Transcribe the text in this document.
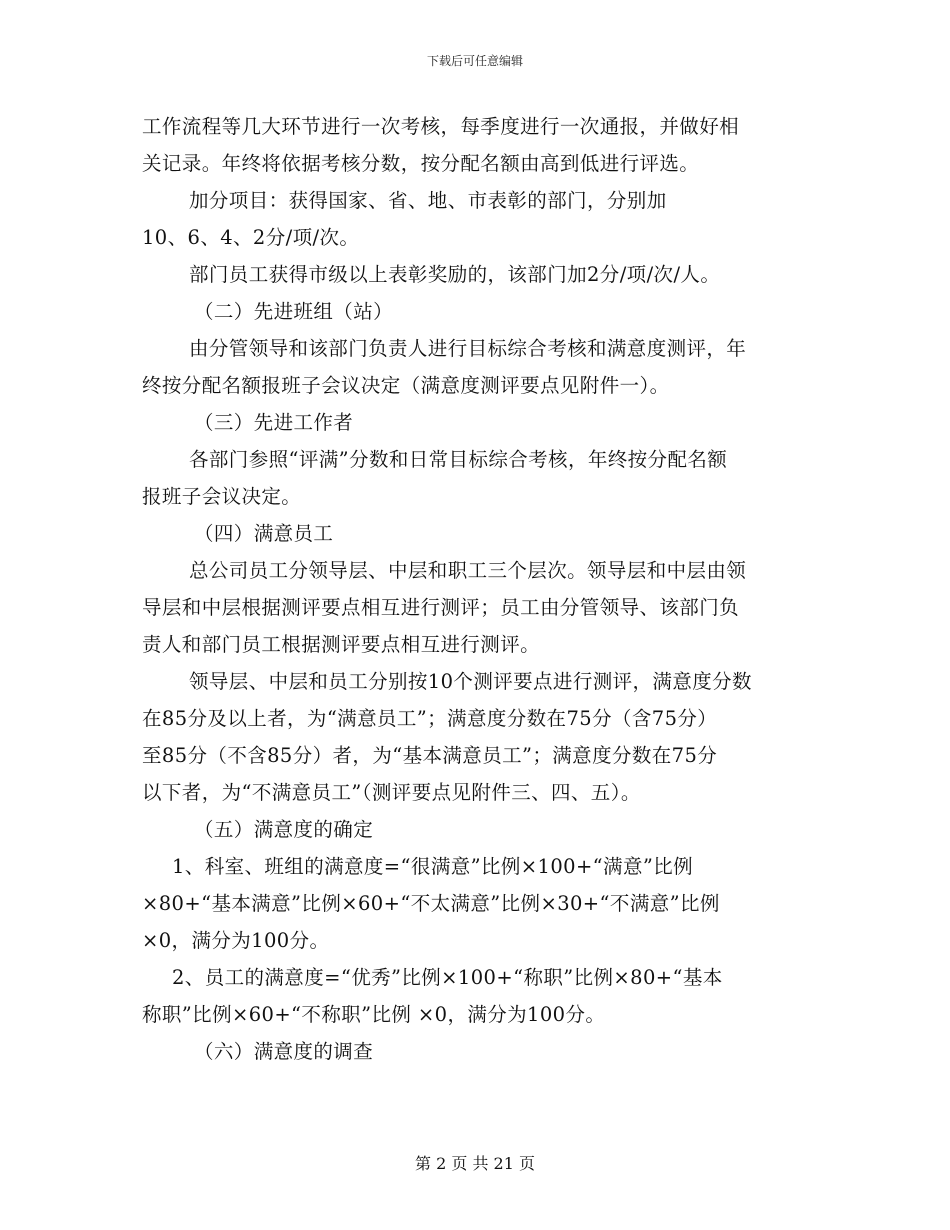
下载后可任意编辑
工作流程等几大环节进行一次考核，每季度进行一次通报，并做好相
关记录。年终将依据考核分数，按分配名额由高到低进行评选。
加分项目：获得国家、省、地、市表彰的部门，分别加
10、6、4、2分/项/次。
部门员工获得市级以上表彰奖励的，该部门加2分/项/次/人。
（二）先进班组（站）
由分管领导和该部门负责人进行目标综合考核和满意度测评，年
终按分配名额报班子会议决定（满意度测评要点见附件一）。
（三）先进工作者
各部门参照“评满”分数和日常目标综合考核，年终按分配名额
报班子会议决定。
（四）满意员工
总公司员工分领导层、中层和职工三个层次。领导层和中层由领
导层和中层根据测评要点相互进行测评；员工由分管领导、该部门负
责人和部门员工根据测评要点相互进行测评。
领导层、中层和员工分别按10个测评要点进行测评，满意度分数
在85分及以上者，为“满意员工”；满意度分数在75分（含75分）
至85分（不含85分）者，为“基本满意员工”；满意度分数在75分
以下者，为“不满意员工”（测评要点见附件三、四、五）。
（五）满意度的确定
1、科室、班组的满意度=“很满意”比例×100+“满意”比例
×80+“基本满意”比例×60+“不太满意”比例×30+“不满意”比例
×0，满分为100分。
2、员工的满意度=“优秀”比例×100+“称职”比例×80+“基本
称职”比例×60+“不称职”比例 ×0，满分为100分。
（六）满意度的调查
第 2 页 共 21 页
